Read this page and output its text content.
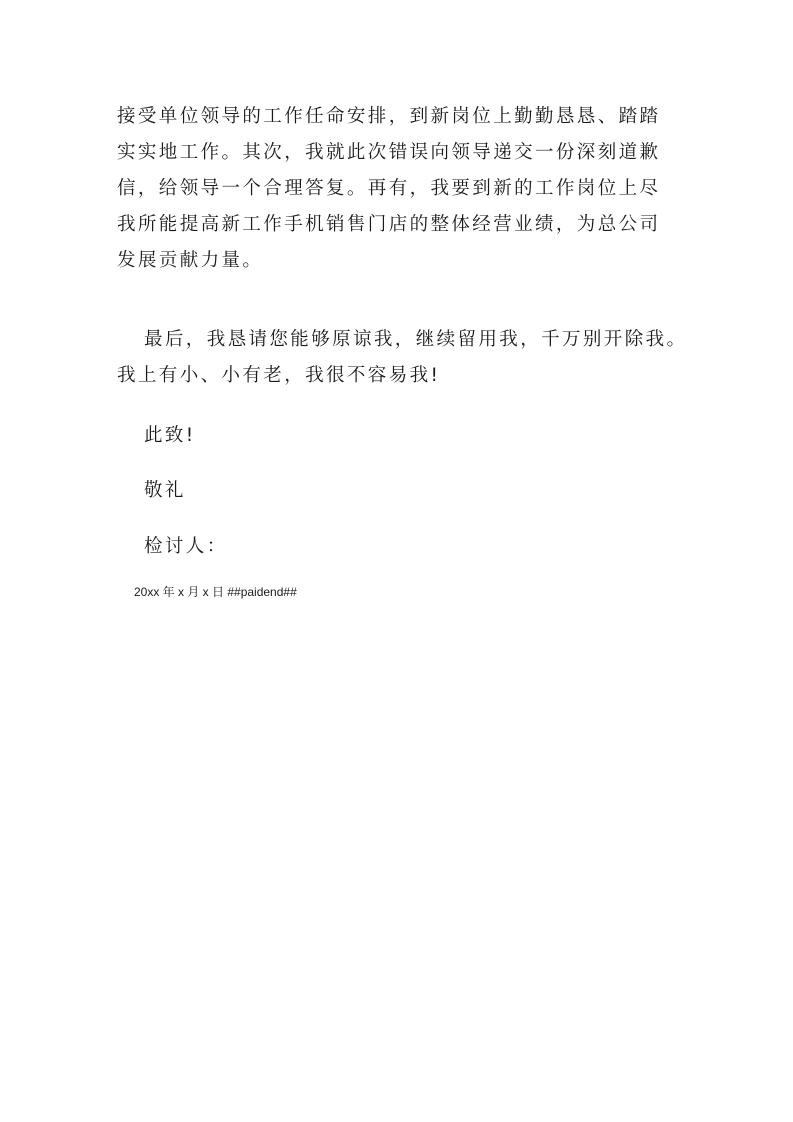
接受单位领导的工作任命安排，到新岗位上勤勤恳恳、踏踏
实实地工作。其次，我就此次错误向领导递交一份深刻道歉
信，给领导一个合理答复。再有，我要到新的工作岗位上尽
我所能提高新工作手机销售门店的整体经营业绩，为总公司
发展贡献力量。
最后，我恳请您能够原谅我，继续留用我，千万别开除我。
我上有小、小有老，我很不容易我!

此致!

敬礼

检讨人：

20xx 年 x 月 x 日 ##paidend##
